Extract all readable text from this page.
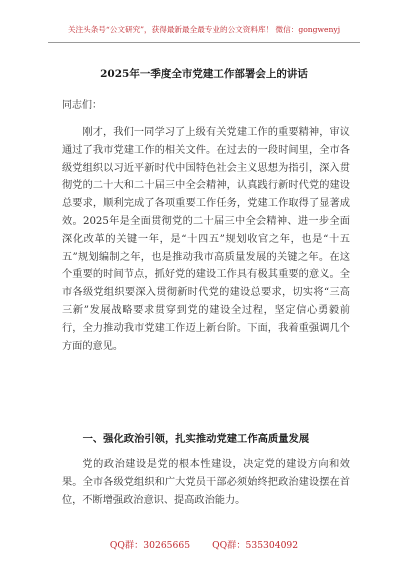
关注头条号“公文研究”，获得最新最全最专业的公文资料库！ 微信：gongwenyj
2025年一季度全市党建工作部署会上的讲话
同志们：

刚才，我们一同学习了上级有关党建工作的重要精神，审议通过了我市党建工作的相关文件。在过去的一段时间里，全市各级党组织以习近平新时代中国特色社会主义思想为指引，深入贯彻党的二十大和二十届三中全会精神，认真践行新时代党的建设总要求，顺利完成了各项重要工作任务，党建工作取得了显著成效。2025年是全面贯彻党的二十届三中全会精神、进一步全面深化改革的关键一年，是“十四五”规划收官之年，也是“十五五”规划编制之年，也是推动我市高质量发展的关键之年。在这个重要的时间节点，抓好党的建设工作具有极其重要的意义。全市各级党组织要深入贯彻新时代党的建设总要求，切实将“三高三新”发展战略要求贯穿到党的建设全过程，坚定信心勇毅前行，全力推动我市党建工作迈上新台阶。下面，我着重强调几个方面的意见。

一、强化政治引领，扎实推动党建工作高质量发展

党的政治建设是党的根本性建设，决定党的建设方向和效果。全市各级党组织和广大党员干部必须始终把政治建设摆在首位，不断增强政治意识、提高政治能力。

QQ群：30265665 QQ群：535304092
